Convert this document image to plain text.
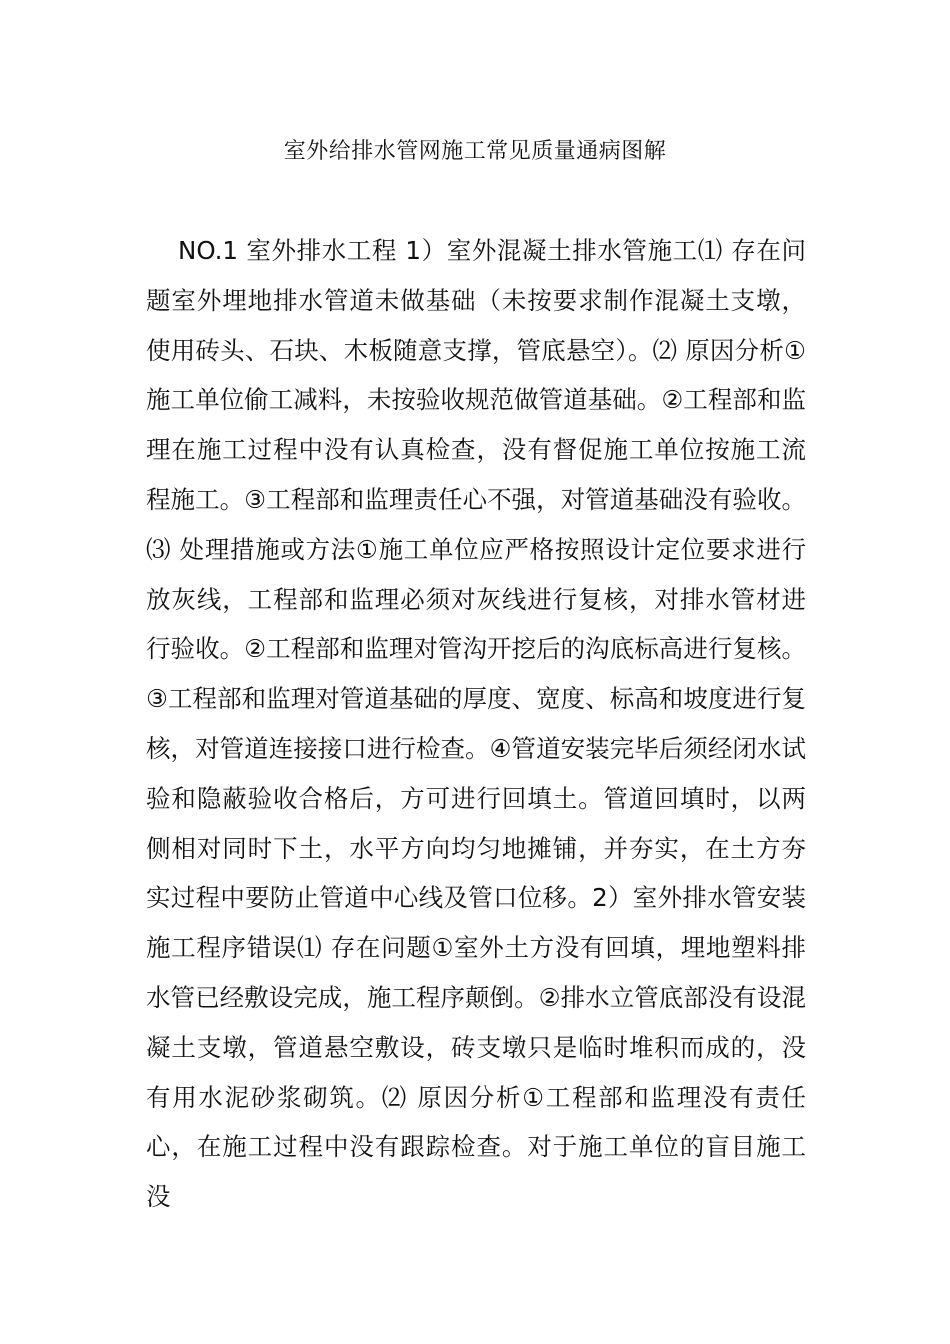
室外给排水管网施工常见质量通病图解

NO.1 室外排水工程 1）室外混凝土排水管施工⑴ 存在问题室外埋地排水管道未做基础（未按要求制作混凝土支墩，使用砖头、石块、木板随意支撑，管底悬空）。⑵ 原因分析①施工单位偷工减料，未按验收规范做管道基础。②工程部和监理在施工过程中没有认真检查，没有督促施工单位按施工流程施工。③工程部和监理责任心不强，对管道基础没有验收。⑶ 处理措施或方法①施工单位应严格按照设计定位要求进行放灰线，工程部和监理必须对灰线进行复核，对排水管材进行验收。②工程部和监理对管沟开挖后的沟底标高进行复核。③工程部和监理对管道基础的厚度、宽度、标高和坡度进行复核，对管道连接接口进行检查。④管道安装完毕后须经闭水试验和隐蔽验收合格后，方可进行回填土。管道回填时，以两侧相对同时下土，水平方向均匀地摊铺，并夯实，在土方夯实过程中要防止管道中心线及管口位移。2）室外排水管安装施工程序错误⑴ 存在问题①室外土方没有回填，埋地塑料排水管已经敷设完成，施工程序颠倒。②排水立管底部没有设混凝土支墩，管道悬空敷设，砖支墩只是临时堆积而成的，没有用水泥砂浆砌筑。⑵ 原因分析①工程部和监理没有责任心，在施工过程中没有跟踪检查。对于施工单位的盲目施工没
